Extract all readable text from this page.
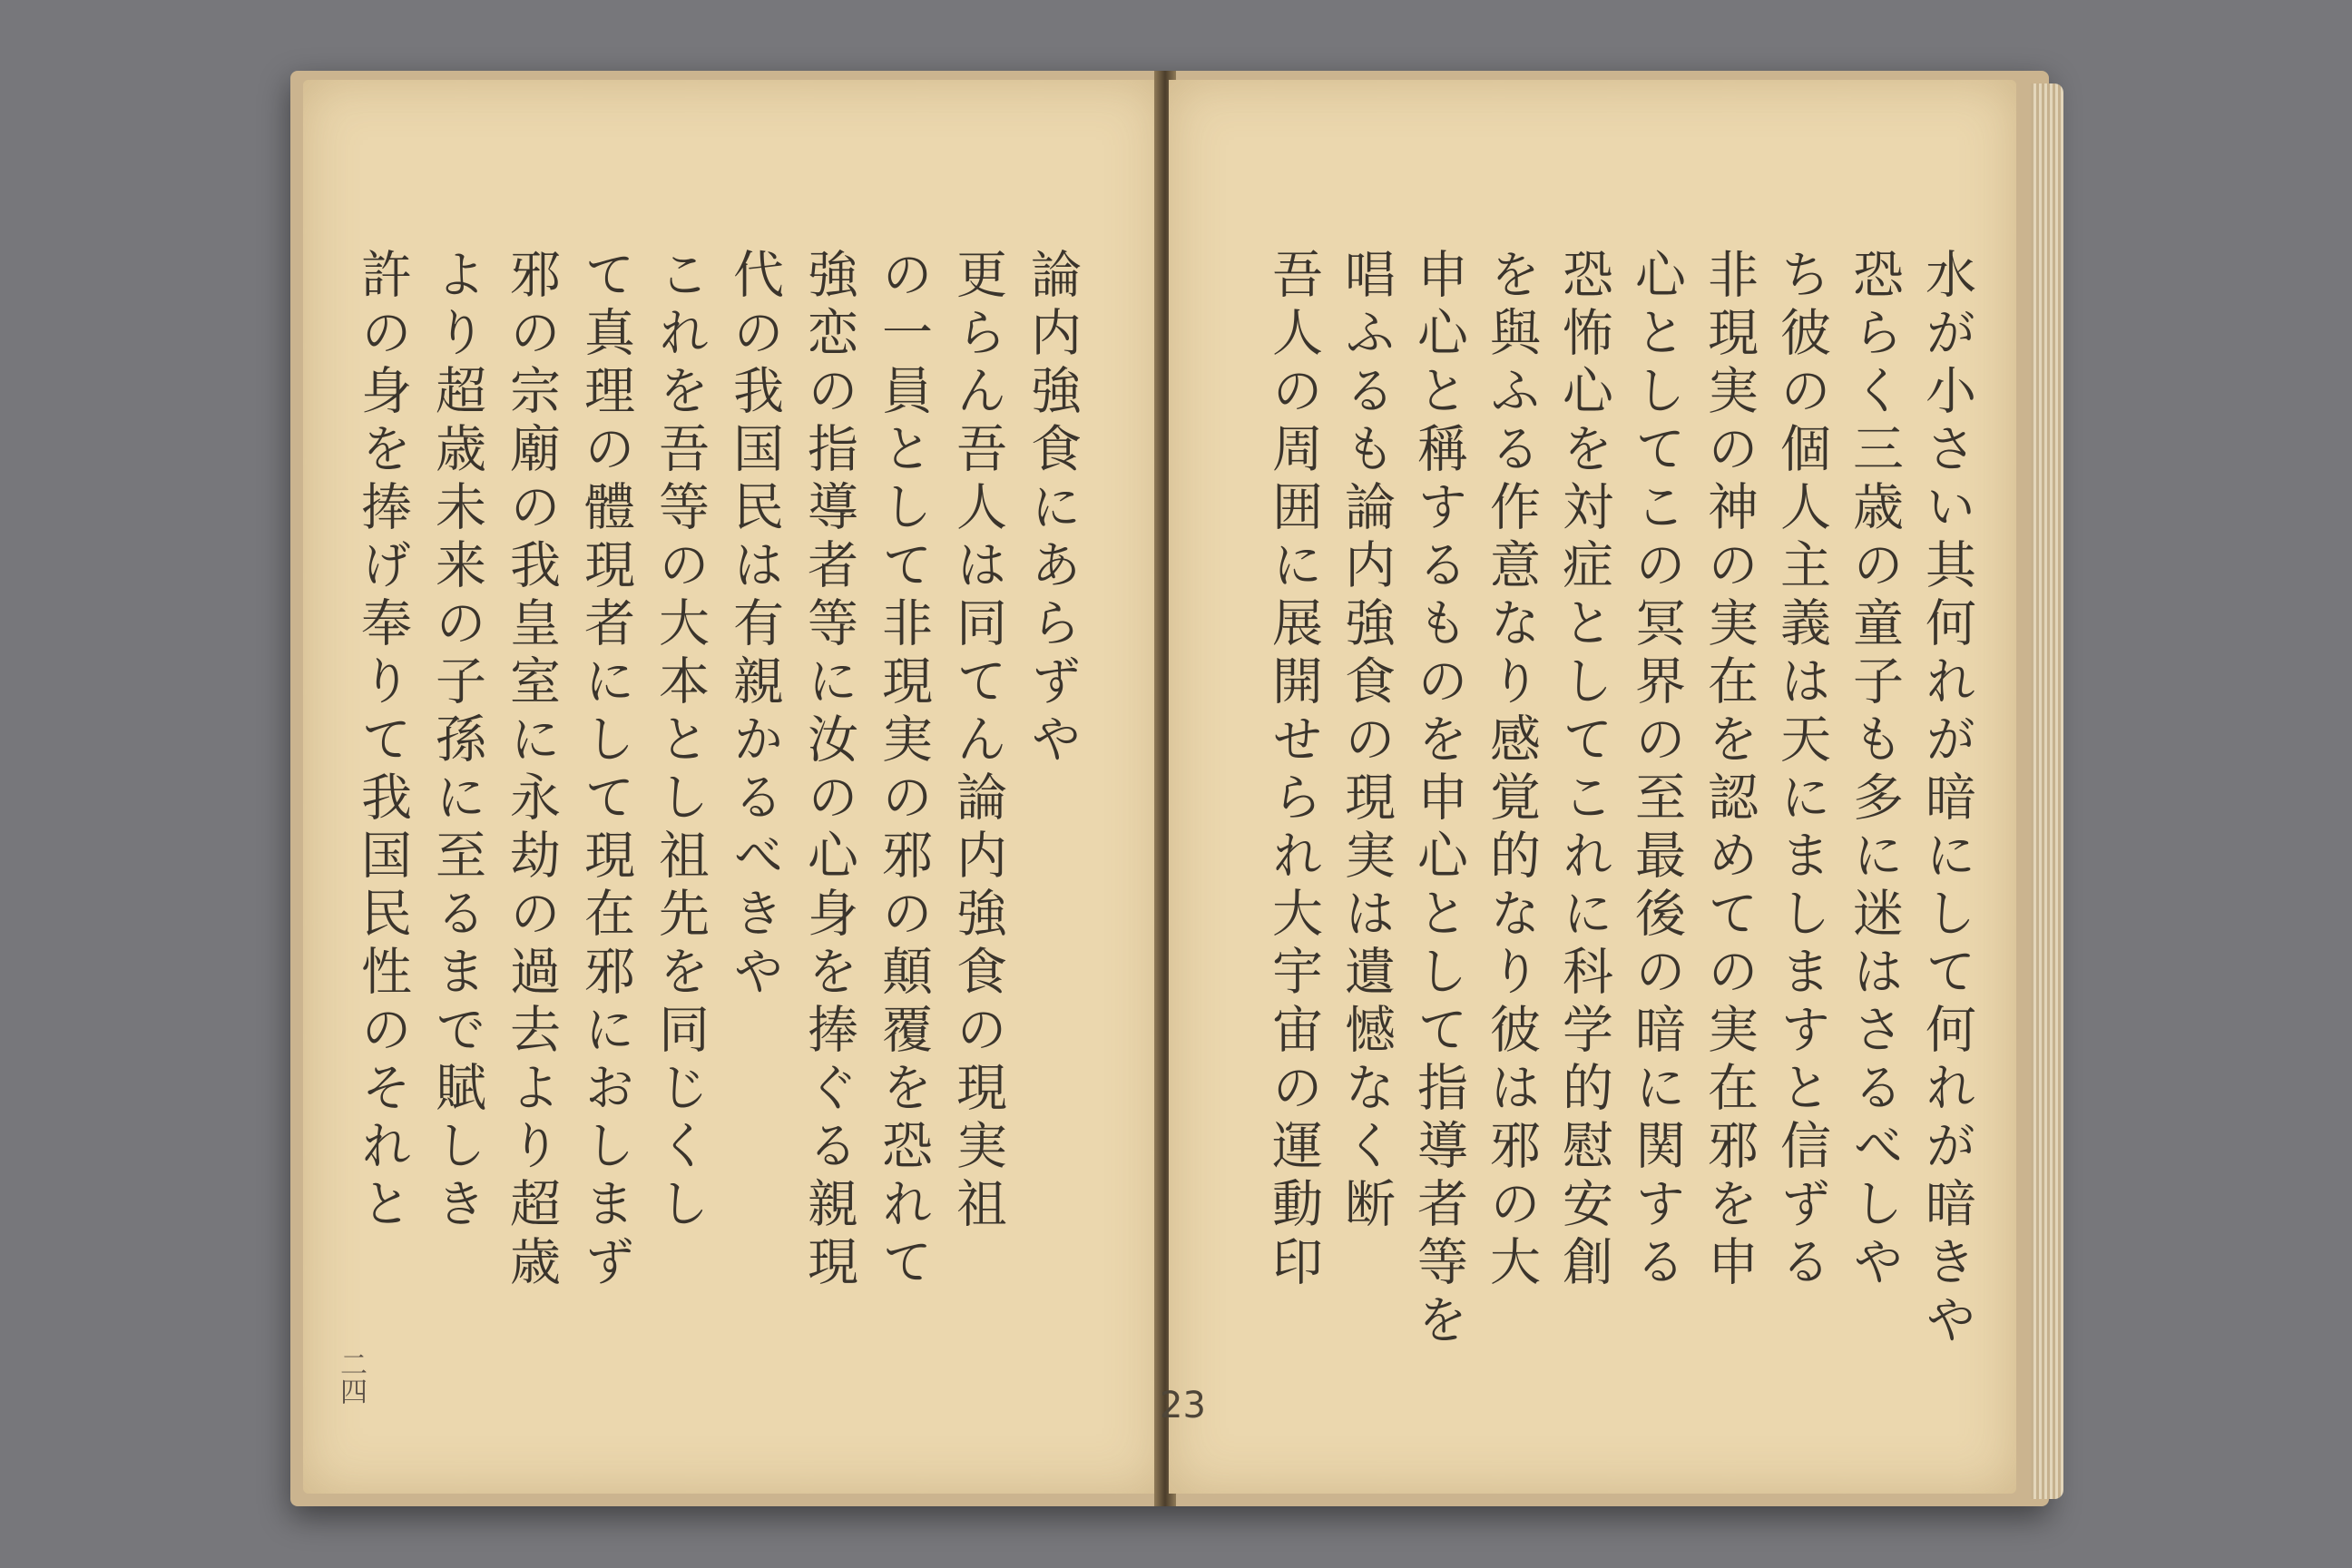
論内強食にあらずや
更らん吾人は同てん論内強食の現実祖
の一員として非現実の邪の顛覆を恐れて
強恋の指導者等に汝の心身を捧ぐる親現
代の我国民は有親かるべきや
これを吾等の大本とし祖先を同じくし
て真理の體現者にして現在邪におしまず
邪の宗廟の我皇室に永劫の過去より超歳
より超歳未来の子孫に至るまで賦しき
許の身を捧げ奉りて我国民性のそれと
二四
水が小さい其何れが暗にして何れが暗きや
恐らく三歳の童子も多に迷はさるべしや
ち彼の個人主義は天にましますと信ずる
非現実の神の実在を認めての実在邪を申
心としてこの冥界の至最後の暗に関する
恐怖心を対症としてこれに科学的慰安創
を與ふる作意なり感覚的なり彼は邪の大
申心と稱するものを申心として指導者等を
唱ふるも論内強食の現実は遺憾なく断
吾人の周囲に展開せられ大宇宙の運動印
23
